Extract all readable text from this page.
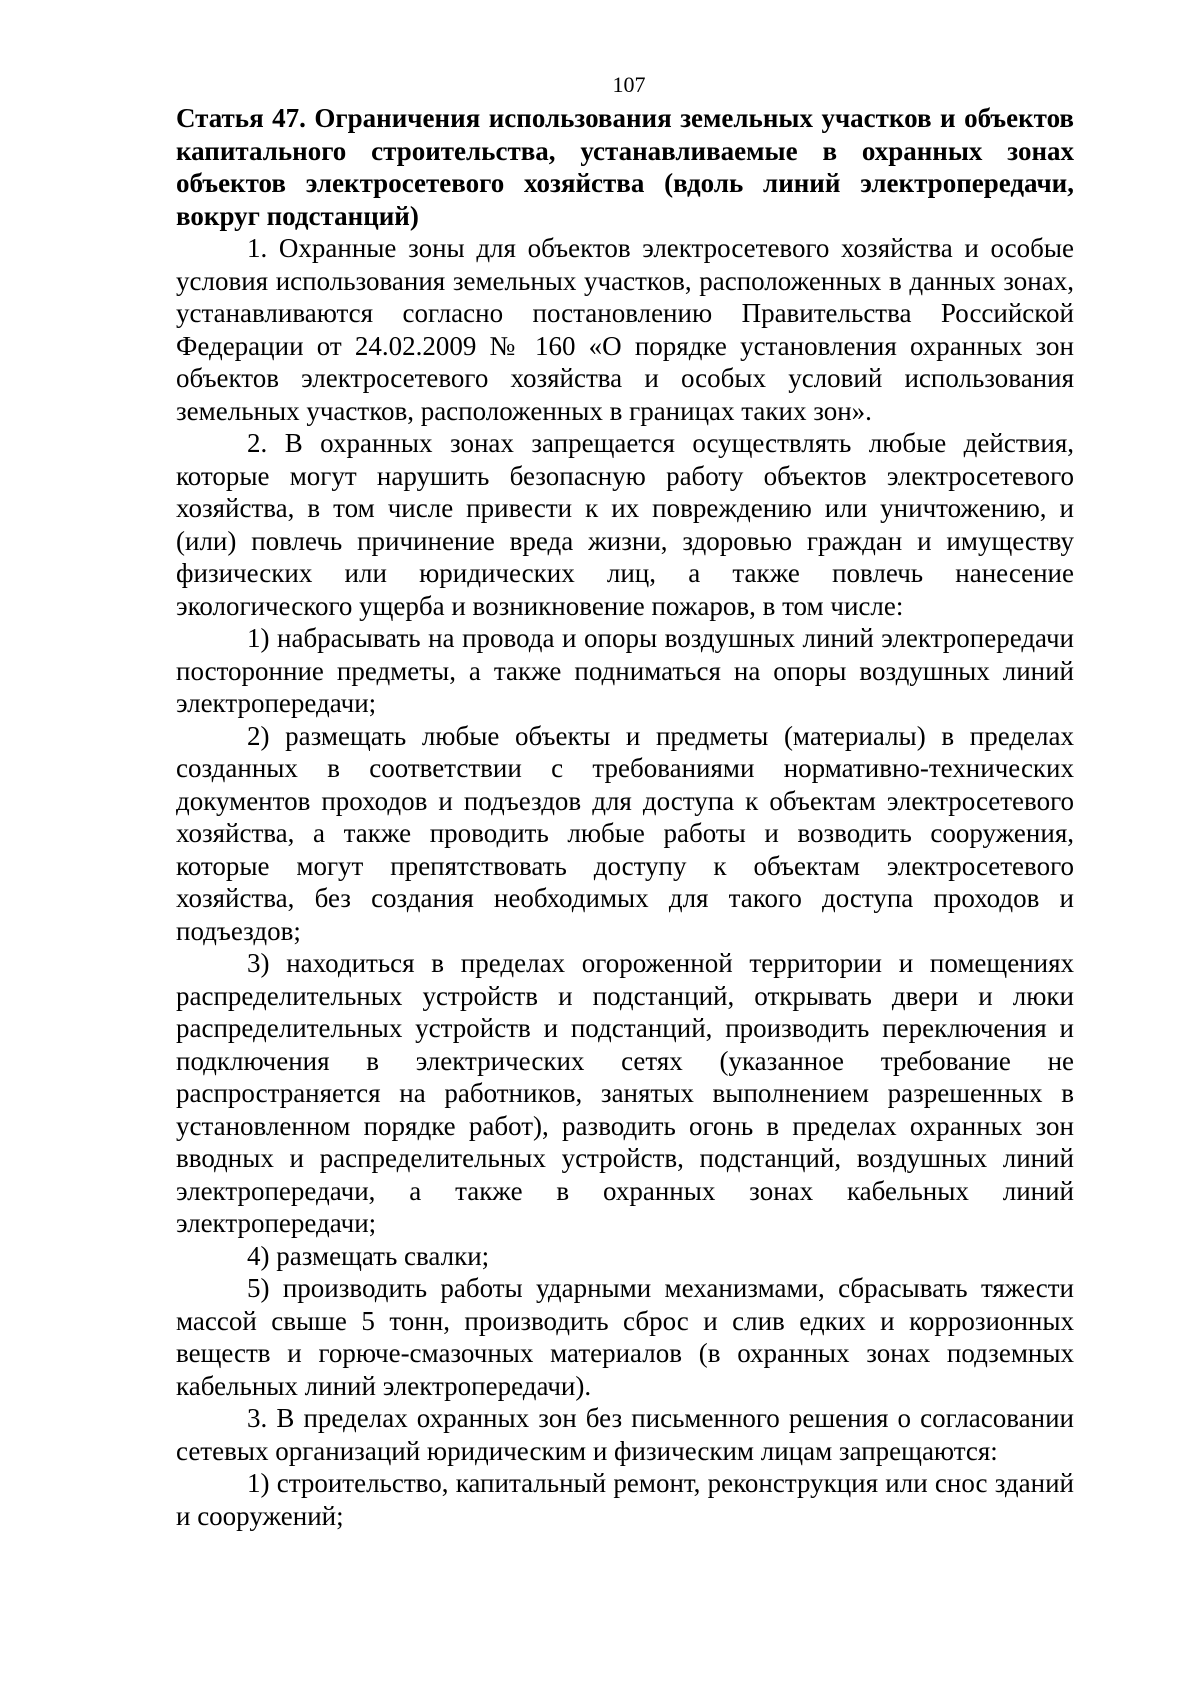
107

Статья 47. Ограничения использования земельных участков и объектов капитального строительства, устанавливаемые в охранных зонах объектов электросетевого хозяйства (вдоль линий электропередачи, вокруг подстанций)

1. Охранные зоны для объектов электросетевого хозяйства и особые условия использования земельных участков, расположенных в данных зонах, устанавливаются согласно постановлению Правительства Российской Федерации от 24.02.2009 № 160 «О порядке установления охранных зон объектов электросетевого хозяйства и особых условий использования земельных участков, расположенных в границах таких зон».

2. В охранных зонах запрещается осуществлять любые действия, которые могут нарушить безопасную работу объектов электросетевого хозяйства, в том числе привести к их повреждению или уничтожению, и (или) повлечь причинение вреда жизни, здоровью граждан и имуществу физических или юридических лиц, а также повлечь нанесение экологического ущерба и возникновение пожаров, в том числе:

1) набрасывать на провода и опоры воздушных линий электропередачи посторонние предметы, а также подниматься на опоры воздушных линий электропередачи;

2) размещать любые объекты и предметы (материалы) в пределах созданных в соответствии с требованиями нормативно-технических документов проходов и подъездов для доступа к объектам электросетевого хозяйства, а также проводить любые работы и возводить сооружения, которые могут препятствовать доступу к объектам электросетевого хозяйства, без создания необходимых для такого доступа проходов и подъездов;

3) находиться в пределах огороженной территории и помещениях распределительных устройств и подстанций, открывать двери и люки распределительных устройств и подстанций, производить переключения и подключения в электрических сетях (указанное требование не распространяется на работников, занятых выполнением разрешенных в установленном порядке работ), разводить огонь в пределах охранных зон вводных и распределительных устройств, подстанций, воздушных линий электропередачи, а также в охранных зонах кабельных линий электропередачи;

4) размещать свалки;

5) производить работы ударными механизмами, сбрасывать тяжести массой свыше 5 тонн, производить сброс и слив едких и коррозионных веществ и горюче-смазочных материалов (в охранных зонах подземных кабельных линий электропередачи).

3. В пределах охранных зон без письменного решения о согласовании сетевых организаций юридическим и физическим лицам запрещаются:

1) строительство, капитальный ремонт, реконструкция или снос зданий и сооружений;
